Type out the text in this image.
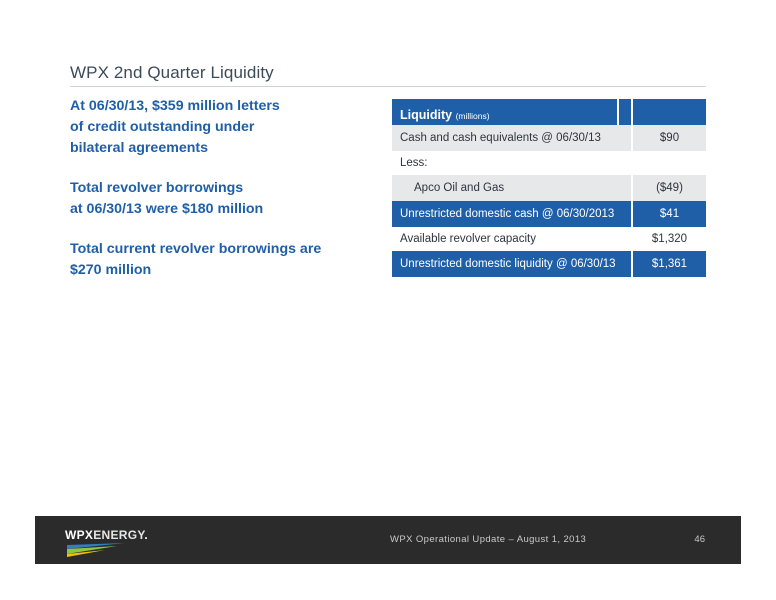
WPX 2nd Quarter Liquidity

At 06/30/13, $359 million letters
of credit outstanding under
bilateral agreements

Total revolver borrowings
at 06/30/13 were $180 million

Total current revolver borrowings are
$270 million

Liquidity (millions)
Cash and cash equivalents @ 06/30/13	$90
Less:
Apco Oil and Gas	($49)
Unrestricted domestic cash @ 06/30/2013	$41
Available revolver capacity	$1,320
Unrestricted domestic liquidity @ 06/30/13	$1,361
WPXENERGY.	WPX Operational Update – August 1, 2013	46
